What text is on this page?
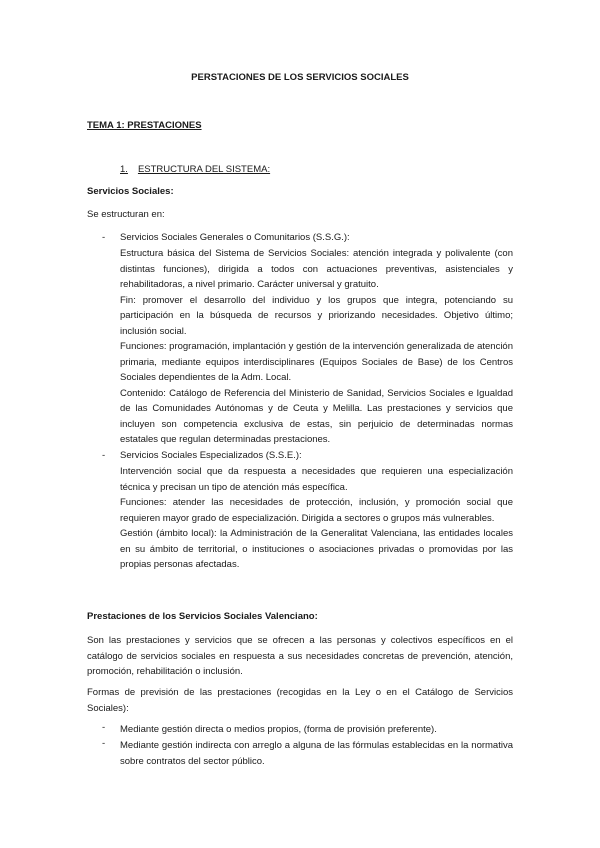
PERSTACIONES DE LOS SERVICIOS SOCIALES
TEMA 1: PRESTACIONES
1. ESTRUCTURA DEL SISTEMA:
Servicios Sociales:
Se estructuran en:
- Servicios Sociales Generales o Comunitarios (S.S.G.):
Estructura básica del Sistema de Servicios Sociales: atención integrada y polivalente (con distintas funciones), dirigida a todos con actuaciones preventivas, asistenciales y rehabilitadoras, a nivel primario. Carácter universal y gratuito.
Fin: promover el desarrollo del individuo y los grupos que integra, potenciando su participación en la búsqueda de recursos y priorizando necesidades. Objetivo último; inclusión social.
Funciones: programación, implantación y gestión de la intervención generalizada de atención primaria, mediante equipos interdisciplinares (Equipos Sociales de Base) de los Centros Sociales dependientes de la Adm. Local.
Contenido: Catálogo de Referencia del Ministerio de Sanidad, Servicios Sociales e Igualdad de las Comunidades Autónomas y de Ceuta y Melilla. Las prestaciones y servicios que incluyen son competencia exclusiva de estas, sin perjuicio de determinadas normas estatales que regulan determinadas prestaciones.
- Servicios Sociales Especializados (S.S.E.):
Intervención social que da respuesta a necesidades que requieren una especialización técnica y precisan un tipo de atención más específica.
Funciones: atender las necesidades de protección, inclusión, y promoción social que requieren mayor grado de especialización. Dirigida a sectores o grupos más vulnerables.
Gestión (ámbito local): la Administración de la Generalitat Valenciana, las entidades locales en su ámbito de territorial, o instituciones o asociaciones privadas o promovidas por las propias personas afectadas.
Prestaciones de los Servicios Sociales Valenciano:
Son las prestaciones y servicios que se ofrecen a las personas y colectivos específicos en el catálogo de servicios sociales en respuesta a sus necesidades concretas de prevención, atención, promoción, rehabilitación o inclusión.
Formas de previsión de las prestaciones (recogidas en la Ley o en el Catálogo de Servicios Sociales):
- Mediante gestión directa o medios propios, (forma de provisión preferente).
- Mediante gestión indirecta con arreglo a alguna de las fórmulas establecidas en la normativa sobre contratos del sector público.
